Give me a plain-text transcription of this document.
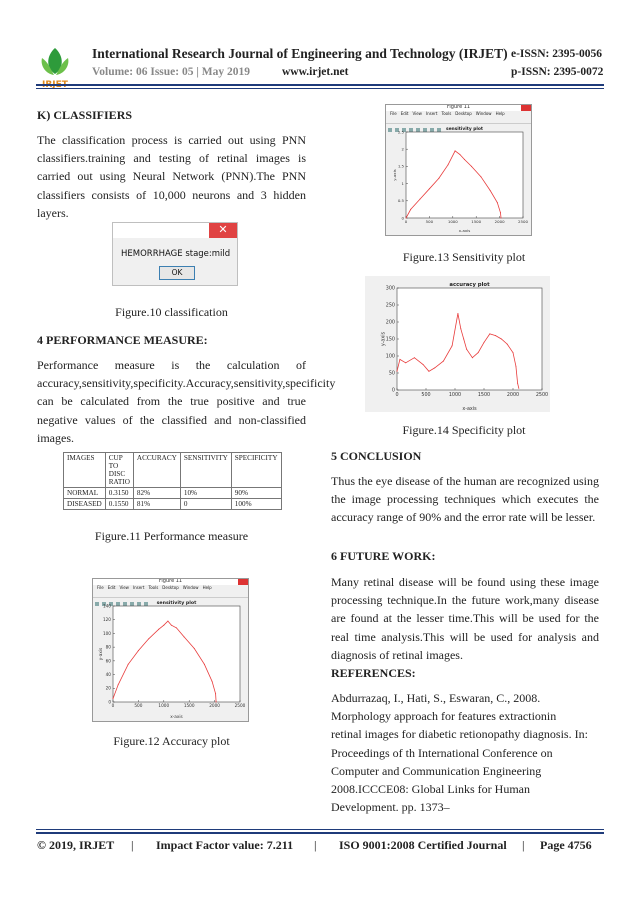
International Research Journal of Engineering and Technology (IRJET) e-ISSN: 2395-0056
Volume: 06 Issue: 05 | May 2019	www.irjet.net	p-ISSN: 2395-0072
K) CLASSIFIERS
The classification process is carried out using PNN classifiers.training and testing of retinal images is carried out using Neural Network (PNN).The PNN classifiers consists of 10,000 neurons and 3 hidden layers.
✕
HEMORRHAGE stage:mild
OK
Figure.10 classification
4 PERFORMANCE MEASURE:
Performance measure is the calculation of accuracy,sensitivity,specificity.Accuracy,sensitivity,specificity can be calculated from the true positive and true negative values of the classified and non-classified images.
IMAGES	CUP TO DISC RATIO	ACCURACY	SENSITIVITY	SPECIFICITY
NORMAL	0.3150	82%	10%	90%
DISEASED	0.1550	81%	0	100%
Figure.11 Performance measure
Figure 11
File Edit View Insert Tools Desktop Window Help
0	500	1000	1500	2000	2500
0
20
40
60
80
100
120
140	sensitivity plot
x-axis
y-axis
Figure.12 Accuracy plot
Figure 11
File Edit View Insert Tools Desktop Window Help
0	500	1000	1500	2000	2500
0
0.5
1
1.5
2
2.5	sensitivity plot
x-axis
y-axis
Figure.13 Sensitivity plot
0	500	1000	1500	2000	2500
0
50
100
150
200
250
300
accuracy plot
x-axis
y-axis
Figure.14 Specificity plot
5 CONCLUSION
Thus the eye disease of the human are recognized using the image processing techniques which executes the accuracy range of 90% and the error rate will be lesser.
6 FUTURE WORK:
Many retinal disease will be found using these image processing technique.In the future work,many disease are found at the lesser time.This will be used for the real time analysis.This will be used for analysis and diagnosis of retinal images.
REFERENCES:
Abdurrazaq, I., Hati, S., Eswaran, C., 2008.
Morphology approach for features extractionin
retinal images for diabetic retionopathy diagnosis. In:
Proceedings of th International Conference on
Computer and Communication Engineering
2008.ICCCE08: Global Links for Human
Development. pp. 1373–
© 2019, IRJET | Impact Factor value: 7.211 | ISO 9001:2008 Certified Journal | Page 4756
